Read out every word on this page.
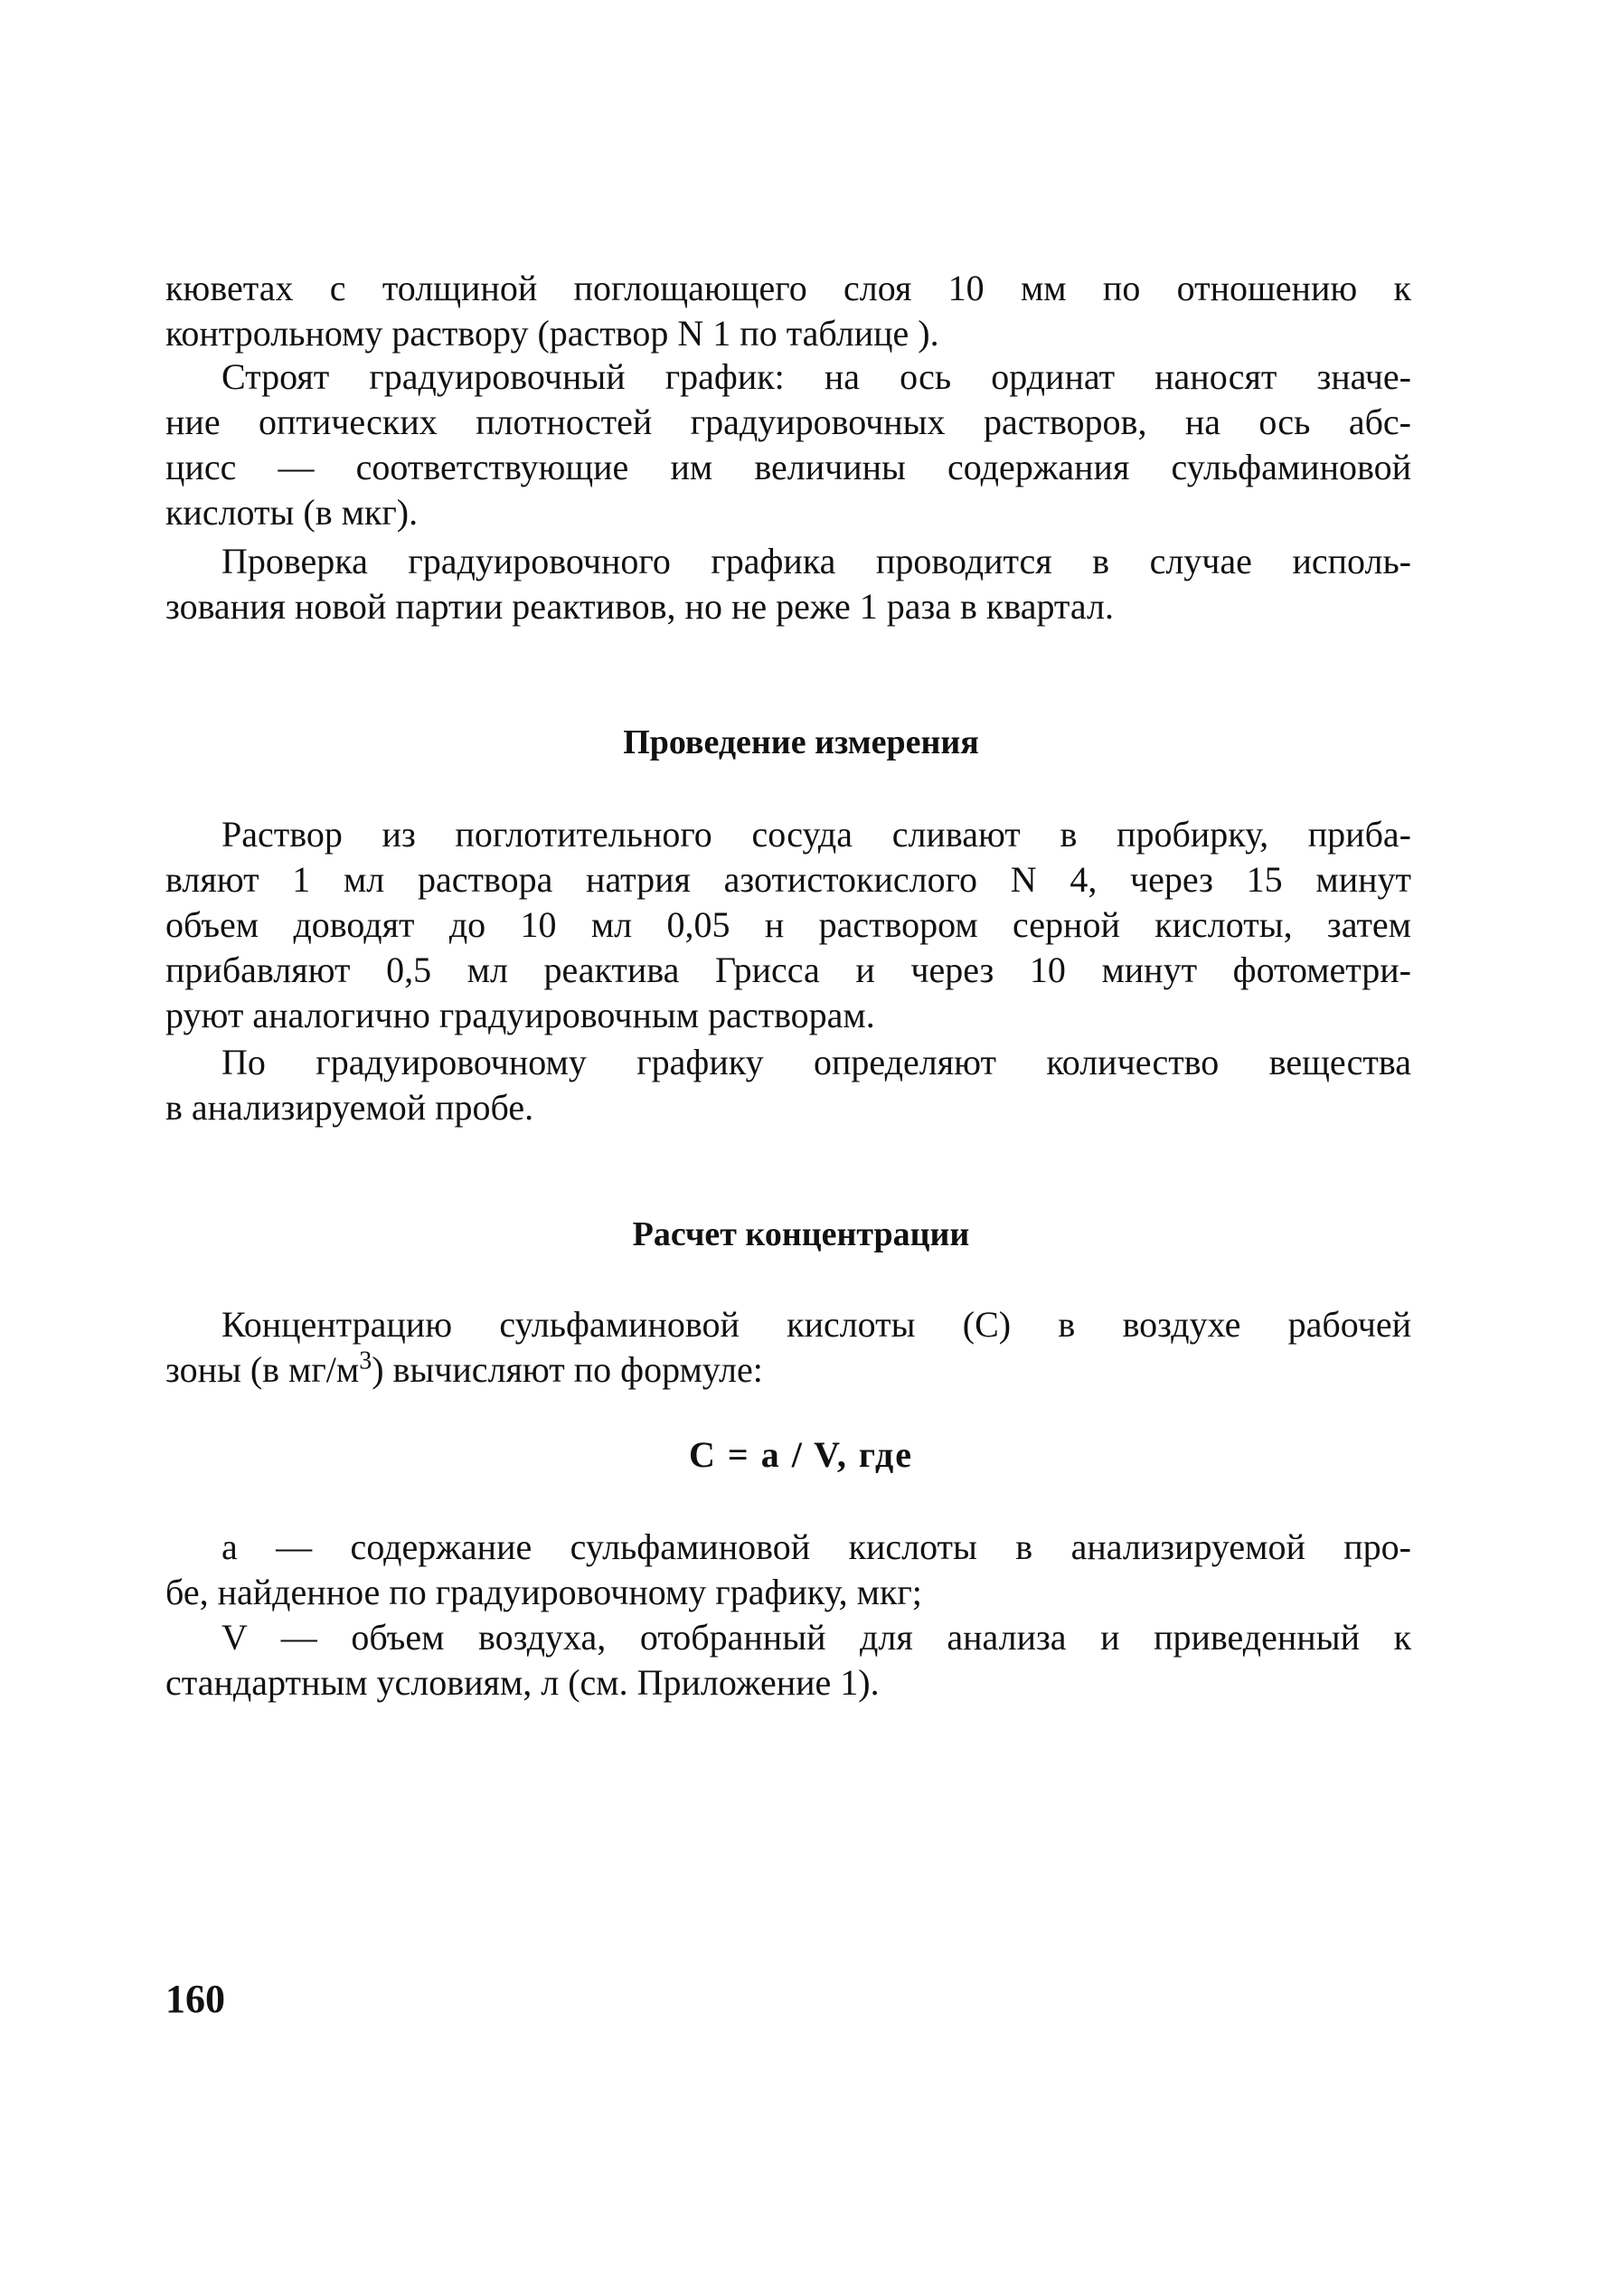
кюветах с толщиной поглощающего слоя 10 мм по отношению к
контрольному раствору (раствор N 1 по таблице ).

Строят градуировочный график: на ось ординат наносят значе-
ние оптических плотностей градуировочных растворов, на ось абс-
цисс — соответствующие им величины содержания сульфаминовой
кислоты (в мкг).

Проверка градуировочного графика проводится в случае исполь-
зования новой партии реактивов, но не реже 1 раза в квартал.

Проведение измерения

Раствор из поглотительного сосуда сливают в пробирку, приба-
вляют 1 мл раствора натрия азотистокислого N 4, через 15 минут
объем доводят до 10 мл 0,05 н раствором серной кислоты, затем
прибавляют 0,5 мл реактива Грисса и через 10 минут фотометри-
руют аналогично градуировочным растворам.

По градуировочному графику определяют количество вещества
в анализируемой пробе.

Расчет концентрации

Концентрацию сульфаминовой кислоты (С) в воздухе рабочей
зоны (в $мг/м^3$) вычисляют по формуле:

С = a / V, где

a — содержание сульфаминовой кислоты в анализируемой про-
бе, найденное по градуировочному графику, мкг;

V — объем воздуха, отобранный для анализа и приведенный к
стандартным условиям, л (см. Приложение 1).

160
